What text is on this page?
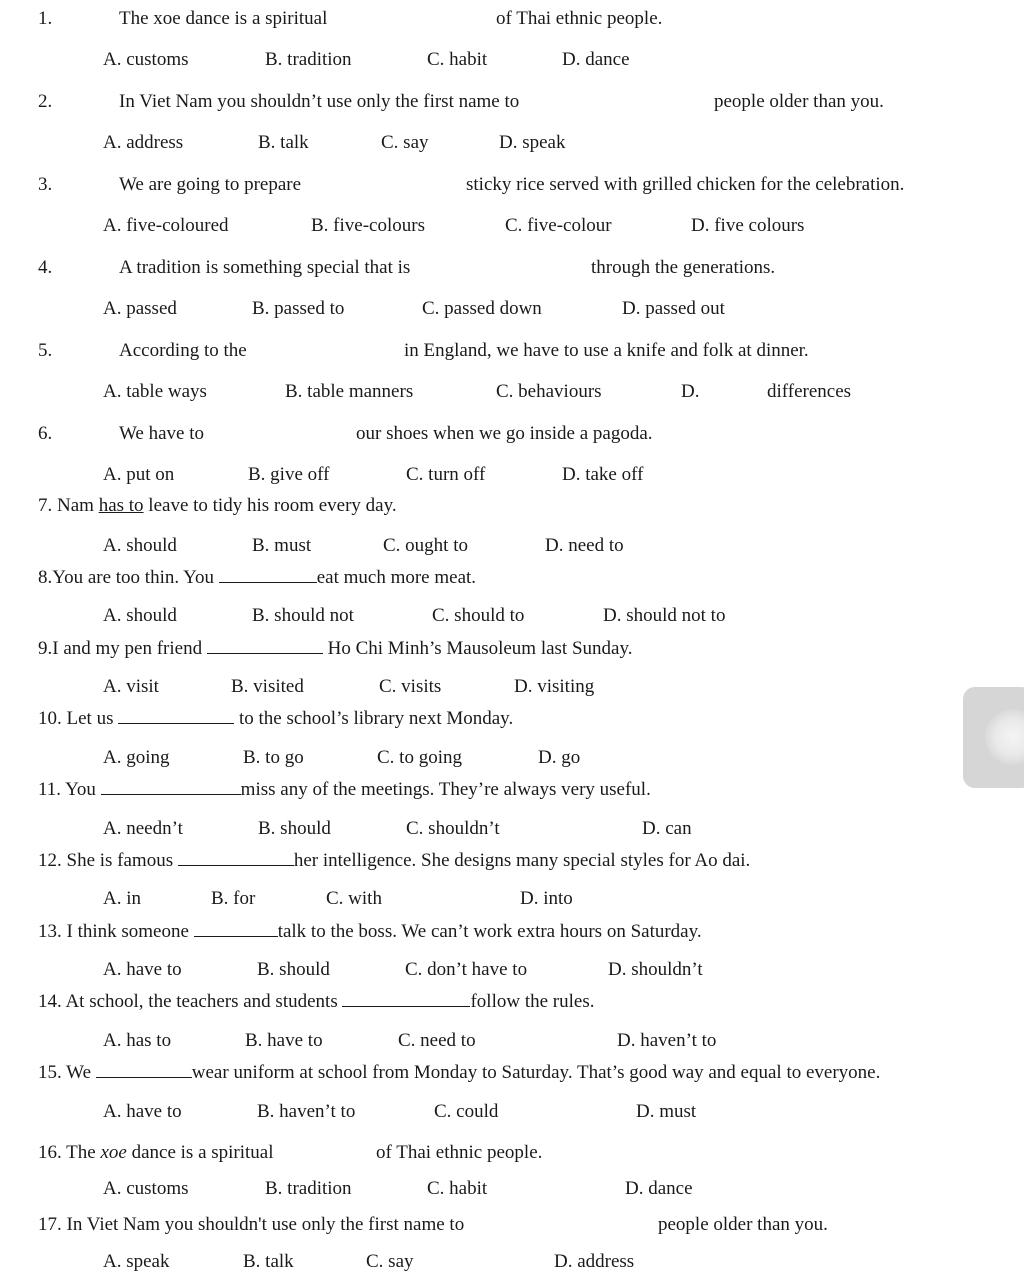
1.	The xoe dance is a spiritual	of Thai ethnic people.
A. customs	B. tradition	C. habit	D. dance
2.	In Viet Nam you shouldn’t use only the first name to	people older than you.
A. address	B. talk	C. say	D. speak
3.	We are going to prepare	sticky rice served with grilled chicken for the celebration.
A. five-coloured	B. five-colours	C. five-colour	D. five colours
4.	A tradition is something special that is	through the generations.
A. passed	B. passed to	C. passed down	D. passed out
5.	According to the	in England, we have to use a knife and folk at dinner.
A. table ways	B. table manners	C. behaviours	D.	differences
6.	We have to	our shoes when we go inside a pagoda.
A. put on	B. give off	C. turn off	D. take off
7. Nam has to leave to tidy his room every day.
A. should	B. must	C. ought to	D. need to
8.You are too thin. You	eat much more meat.
A. should	B. should not	C. should to	D. should not to
9.I and my pen friend	Ho Chi Minh’s Mausoleum last Sunday.
A. visit	B. visited	C. visits	D. visiting
10. Let us	to the school’s library next Monday.
A. going	B. to go	C. to going	D. go
11. You	miss any of the meetings. They’re always very useful.
A. needn’t	B. should	C. shouldn’t	D. can
12. She is famous	her intelligence. She designs many special styles for Ao dai.
A. in	B. for	C. with	D. into
13. I think someone	talk to the boss. We can’t work extra hours on Saturday.
A. have to	B. should	C. don’t have to	D. shouldn’t
14. At school, the teachers and students	follow the rules.
A. has to	B. have to	C. need to	D. haven’t to
15. We	wear uniform at school from Monday to Saturday. That’s good way and equal to everyone.
A. have to	B. haven’t to	C. could	D. must
16. The xoe dance is a spiritual	of Thai ethnic people.
A. customs	B. tradition	C. habit	D. dance
17. In Viet Nam you shouldn't use only the first name to	people older than you.
A. speak	B. talk	C. say	D. address
